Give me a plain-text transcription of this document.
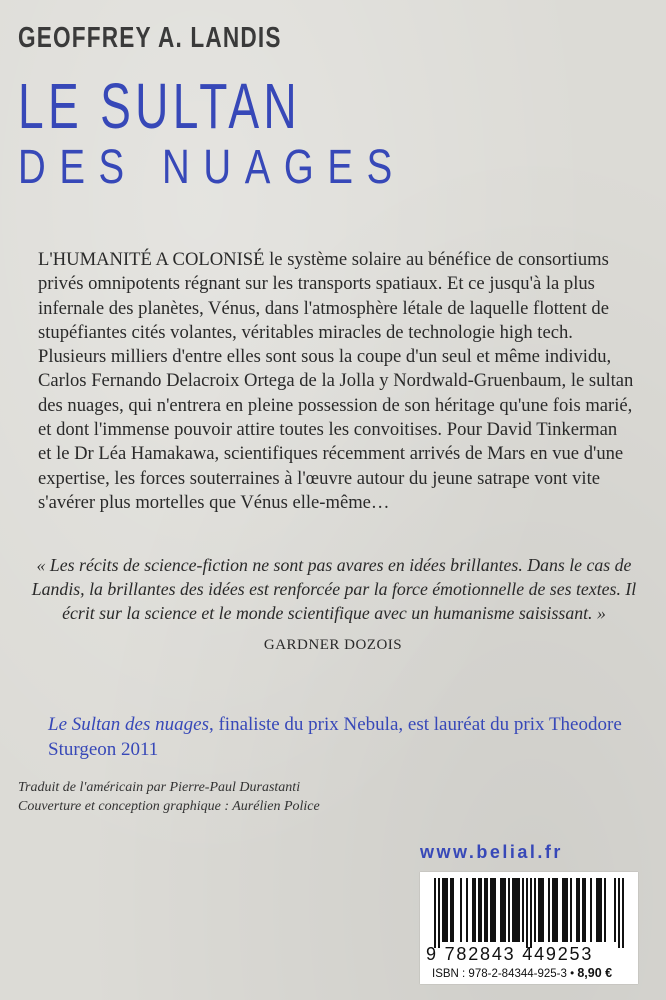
GEOFFREY A. LANDIS
LE SULTAN
DES NUAGES

L'HUMANITÉ A COLONISÉ le système solaire au bénéfice de consortiums privés omnipotents régnant sur les transports spatiaux. Et ce jusqu'à la plus infernale des planètes, Vénus, dans l'atmosphère létale de laquelle flottent de stupéfiantes cités volantes, véritables miracles de technologie high tech.

Plusieurs milliers d'entre elles sont sous la coupe d'un seul et même individu, Carlos Fernando Delacroix Ortega de la Jolla y Nordwald-Gruenbaum, le sultan des nuages, qui n'entrera en pleine possession de son héritage qu'une fois marié, et dont l'immense pouvoir attire toutes les convoitises. Pour David Tinkerman et le Dr Léa Hamakawa, scientifiques récemment arrivés de Mars en vue d'une expertise, les forces souterraines à l'œuvre autour du jeune satrape vont vite s'avérer plus mortelles que Vénus elle-même…

« Les récits de science-fiction ne sont pas avares en idées brillantes. Dans le cas de Landis, la brillantes des idées est renforcée par la force émotionnelle de ses textes. Il écrit sur la science et le monde scientifique avec un humanisme saisissant. »
GARDNER DOZOIS
Le Sultan des nuages, finaliste du prix Nebula, est lauréat du prix Theodore Sturgeon 2011
Traduit de l'américain par Pierre-Paul Durastanti
Couverture et conception graphique : Aurélien Police
www.belial.fr
9 782843 449253
ISBN : 978-2-84344-925-3 • 8,90 €
